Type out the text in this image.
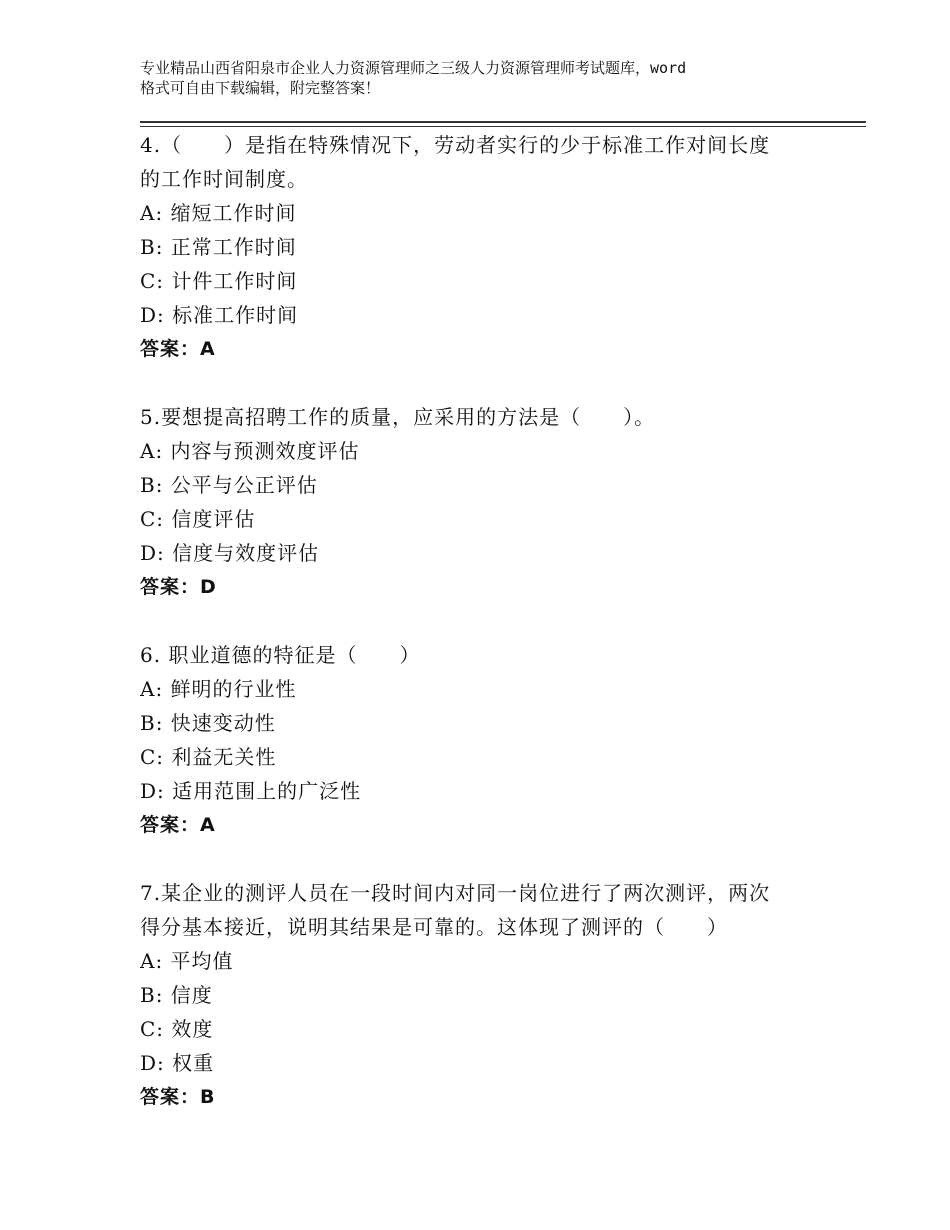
专业精品山西省阳泉市企业人力资源管理师之三级人力资源管理师考试题库，word
格式可自由下载编辑，附完整答案！
4.（　　）是指在特殊情况下，劳动者实行的少于标准工作对间长度
的工作时间制度。
A: 缩短工作时间
B: 正常工作时间
C: 计件工作时间
D: 标准工作时间
答案：A
5.要想提高招聘工作的质量，应采用的方法是（　　）。
A: 内容与预测效度评估
B: 公平与公正评估
C: 信度评估
D: 信度与效度评估
答案：D
6. 职业道德的特征是（　　）
A: 鲜明的行业性
B: 快速变动性
C: 利益无关性
D: 适用范围上的广泛性
答案：A
7.某企业的测评人员在一段时间内对同一岗位进行了两次测评，两次
得分基本接近，说明其结果是可靠的。这体现了测评的（　　）
A: 平均值
B: 信度
C: 效度
D: 权重
答案：B
